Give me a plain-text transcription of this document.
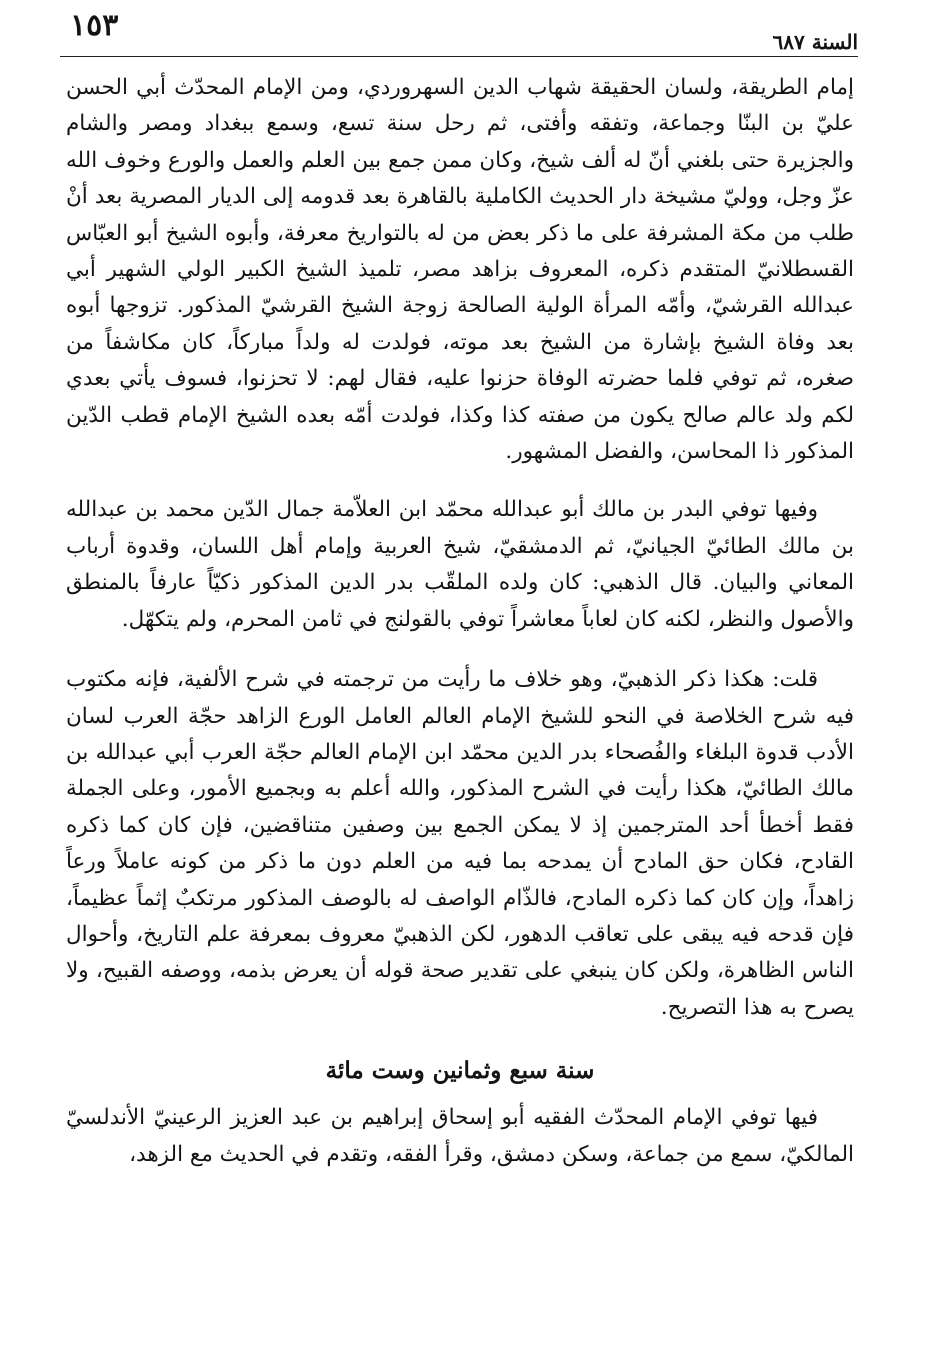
١٥٣	السنة ٦٨٧

إمام الطريقة، ولسان الحقيقة شهاب الدين السهروردي، ومن الإمام المحدّث أبي الحسن عليّ بن البنّا وجماعة، وتفقه وأفتى، ثم رحل سنة تسع، وسمع ببغداد ومصر والشام والجزيرة حتى بلغني أنّ له ألف شيخ، وكان ممن جمع بين العلم والعمل والورع وخوف الله عزّ وجل، ووليّ مشيخة دار الحديث الكاملية بالقاهرة بعد قدومه إلى الديار المصرية بعد أنْ طلب من مكة المشرفة على ما ذكر بعض من له بالتواريخ معرفة، وأبوه الشيخ أبو العبّاس القسطلانيّ المتقدم ذكره، المعروف بزاهد مصر، تلميذ الشيخ الكبير الولي الشهير أبي عبدالله القرشيّ، وأمّه المرأة الولية الصالحة زوجة الشيخ القرشيّ المذكور. تزوجها أبوه بعد وفاة الشيخ بإشارة من الشيخ بعد موته، فولدت له ولداً مباركاً، كان مكاشفاً من صغره، ثم توفي فلما حضرته الوفاة حزنوا عليه، فقال لهم: لا تحزنوا، فسوف يأتي بعدي لكم ولد عالم صالح يكون من صفته كذا وكذا، فولدت أمّه بعده الشيخ الإمام قطب الدّين المذكور ذا المحاسن، والفضل المشهور.

وفيها توفي البدر بن مالك أبو عبدالله محمّد ابن العلاّمة جمال الدّين محمد بن عبدالله بن مالك الطائيّ الجيانيّ، ثم الدمشقيّ، شيخ العربية وإمام أهل اللسان، وقدوة أرباب المعاني والبيان. قال الذهبي: كان ولده الملقّب بدر الدين المذكور ذكيّاً عارفاً بالمنطق والأصول والنظر، لكنه كان لعاباً معاشراً توفي بالقولنج في ثامن المحرم، ولم يتكهّل.

قلت: هكذا ذكر الذهبيّ، وهو خلاف ما رأيت من ترجمته في شرح الألفية، فإنه مكتوب فيه شرح الخلاصة في النحو للشيخ الإمام العالم العامل الورع الزاهد حجّة العرب لسان الأدب قدوة البلغاء والفُصحاء بدر الدين محمّد ابن الإمام العالم حجّة العرب أبي عبدالله بن مالك الطائيّ، هكذا رأيت في الشرح المذكور، والله أعلم به وبجميع الأمور، وعلى الجملة فقط أخطأ أحد المترجمين إذ لا يمكن الجمع بين وصفين متناقضين، فإن كان كما ذكره القادح، فكان حق المادح أن يمدحه بما فيه من العلم دون ما ذكر من كونه عاملاً ورعاً زاهداً، وإن كان كما ذكره المادح، فالذّام الواصف له بالوصف المذكور مرتكبٌ إثماً عظيماً، فإن قدحه فيه يبقى على تعاقب الدهور، لكن الذهبيّ معروف بمعرفة علم التاريخ، وأحوال الناس الظاهرة، ولكن كان ينبغي على تقدير صحة قوله أن يعرض بذمه، ووصفه القبيح، ولا يصرح به هذا التصريح.

سنة سبع وثمانين وست مائة

فيها توفي الإمام المحدّث الفقيه أبو إسحاق إبراهيم بن عبد العزيز الرعينيّ الأندلسيّ المالكيّ، سمع من جماعة، وسكن دمشق، وقرأ الفقه، وتقدم في الحديث مع الزهد،
